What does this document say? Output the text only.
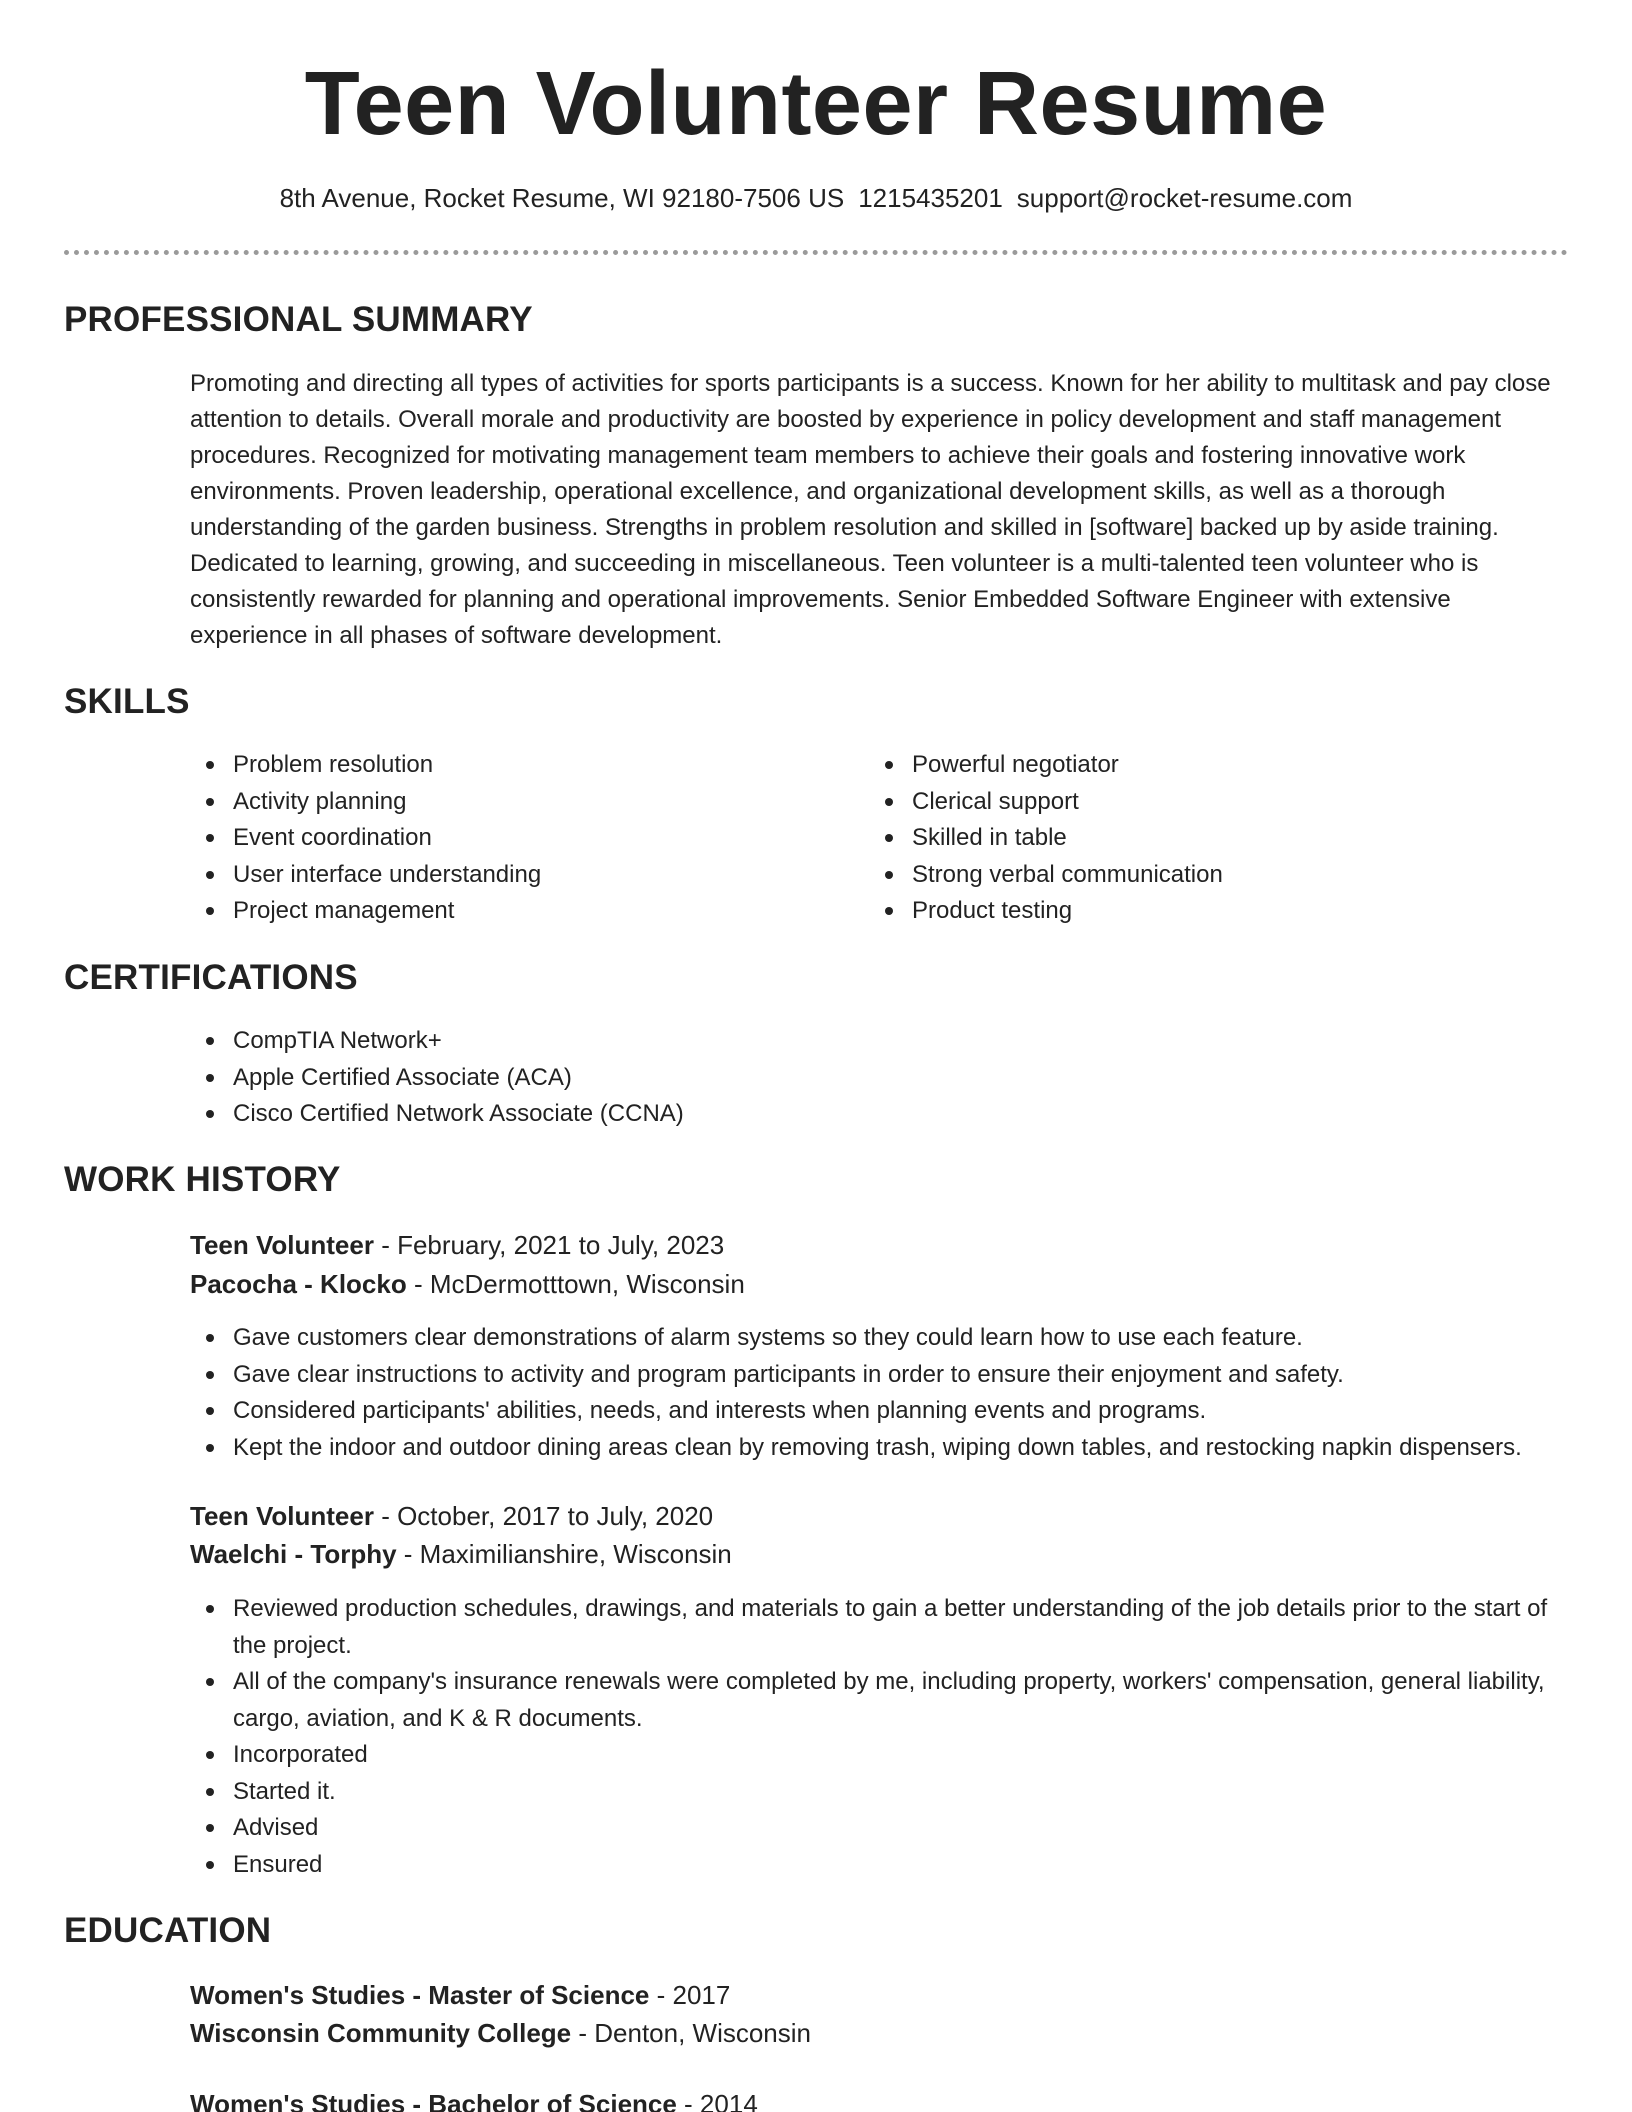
Teen Volunteer Resume
8th Avenue, Rocket Resume, WI 92180-7506 US 1215435201 support@rocket-resume.com
PROFESSIONAL SUMMARY
Promoting and directing all types of activities for sports participants is a success. Known for her ability to multitask and pay close attention to details. Overall morale and productivity are boosted by experience in policy development and staff management procedures. Recognized for motivating management team members to achieve their goals and fostering innovative work environments. Proven leadership, operational excellence, and organizational development skills, as well as a thorough understanding of the garden business. Strengths in problem resolution and skilled in [software] backed up by aside training. Dedicated to learning, growing, and succeeding in miscellaneous. Teen volunteer is a multi-talented teen volunteer who is consistently rewarded for planning and operational improvements. Senior Embedded Software Engineer with extensive experience in all phases of software development.
SKILLS
Problem resolution
Activity planning
Event coordination
User interface understanding
Project management
Powerful negotiator
Clerical support
Skilled in table
Strong verbal communication
Product testing
CERTIFICATIONS
CompTIA Network+
Apple Certified Associate (ACA)
Cisco Certified Network Associate (CCNA)
WORK HISTORY
Teen Volunteer - February, 2021 to July, 2023
Pacocha - Klocko - McDermotttown, Wisconsin
Gave customers clear demonstrations of alarm systems so they could learn how to use each feature.
Gave clear instructions to activity and program participants in order to ensure their enjoyment and safety.
Considered participants' abilities, needs, and interests when planning events and programs.
Kept the indoor and outdoor dining areas clean by removing trash, wiping down tables, and restocking napkin dispensers.
Teen Volunteer - October, 2017 to July, 2020
Waelchi - Torphy - Maximilianshire, Wisconsin
Reviewed production schedules, drawings, and materials to gain a better understanding of the job details prior to the start of the project.
All of the company's insurance renewals were completed by me, including property, workers' compensation, general liability, cargo, aviation, and K & R documents.
Incorporated
Started it.
Advised
Ensured
EDUCATION
Women's Studies - Master of Science - 2017
Wisconsin Community College - Denton, Wisconsin
Women's Studies - Bachelor of Science - 2014
